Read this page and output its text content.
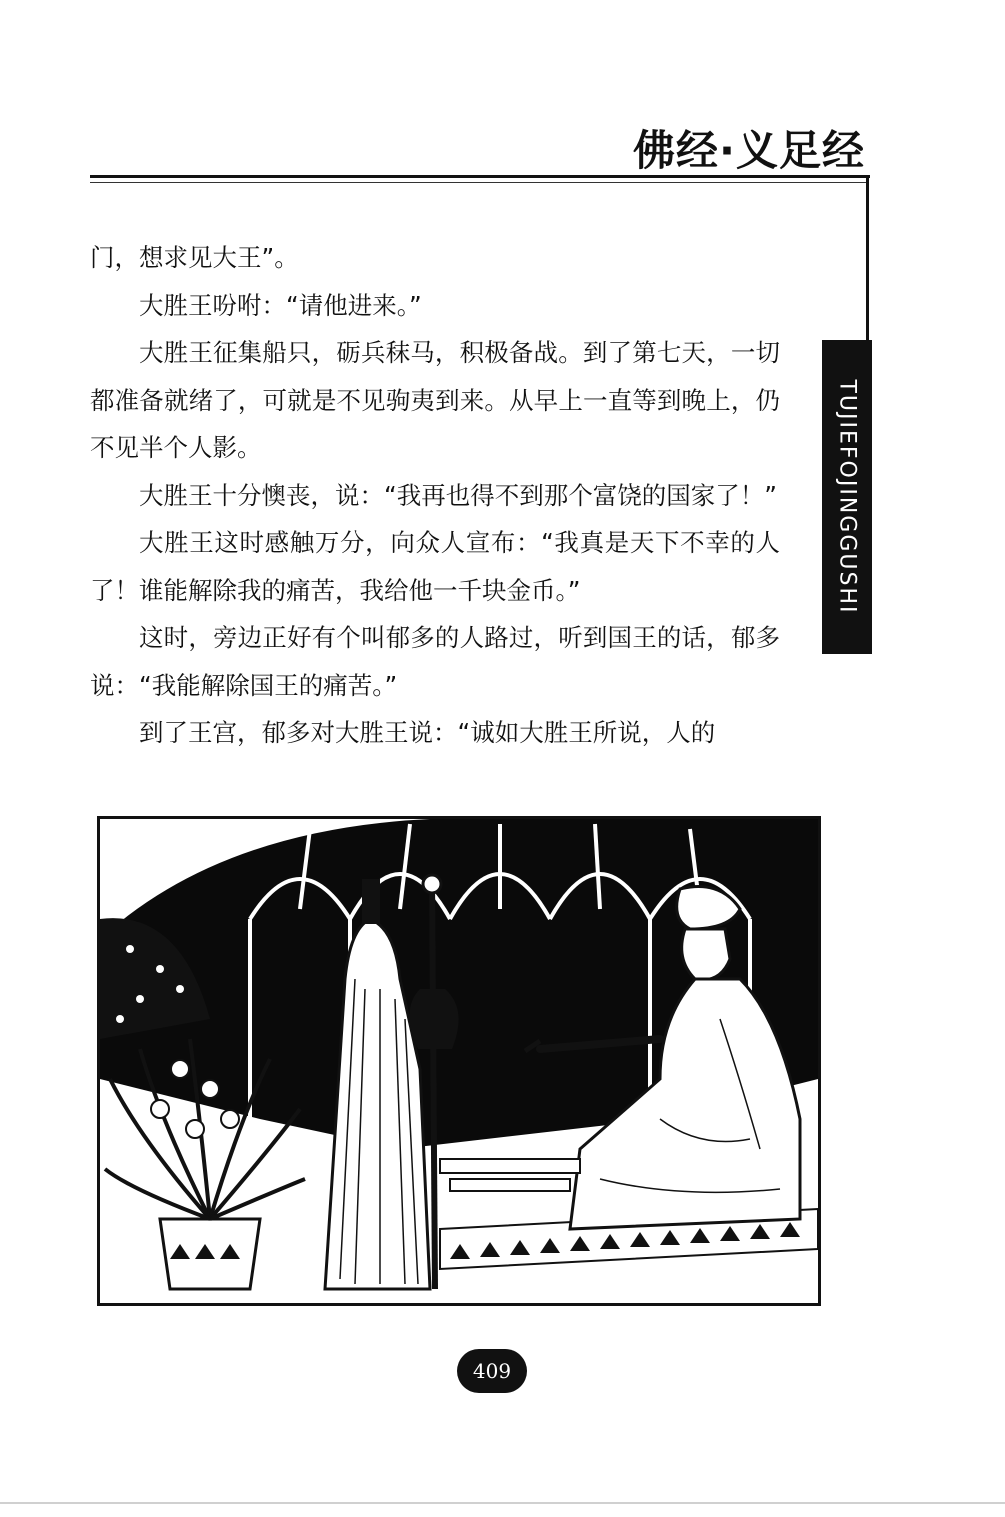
佛经·义足经
TUJIEFOJINGGUSHI

门，想求见大王”。

大胜王吩咐：“请他进来。”

大胜王征集船只，砺兵秣马，积极备战。到了第七天，一切都准备就绪了，可就是不见驹夷到来。从早上一直等到晚上，仍不见半个人影。

大胜王十分懊丧，说：“我再也得不到那个富饶的国家了！”

大胜王这时感触万分，向众人宣布：“我真是天下不幸的人了！谁能解除我的痛苦，我给他一千块金币。”

这时，旁边正好有个叫郁多的人路过，听到国王的话，郁多说：“我能解除国王的痛苦。”

到了王宫，郁多对大胜王说：“诚如大胜王所说，人的

409
